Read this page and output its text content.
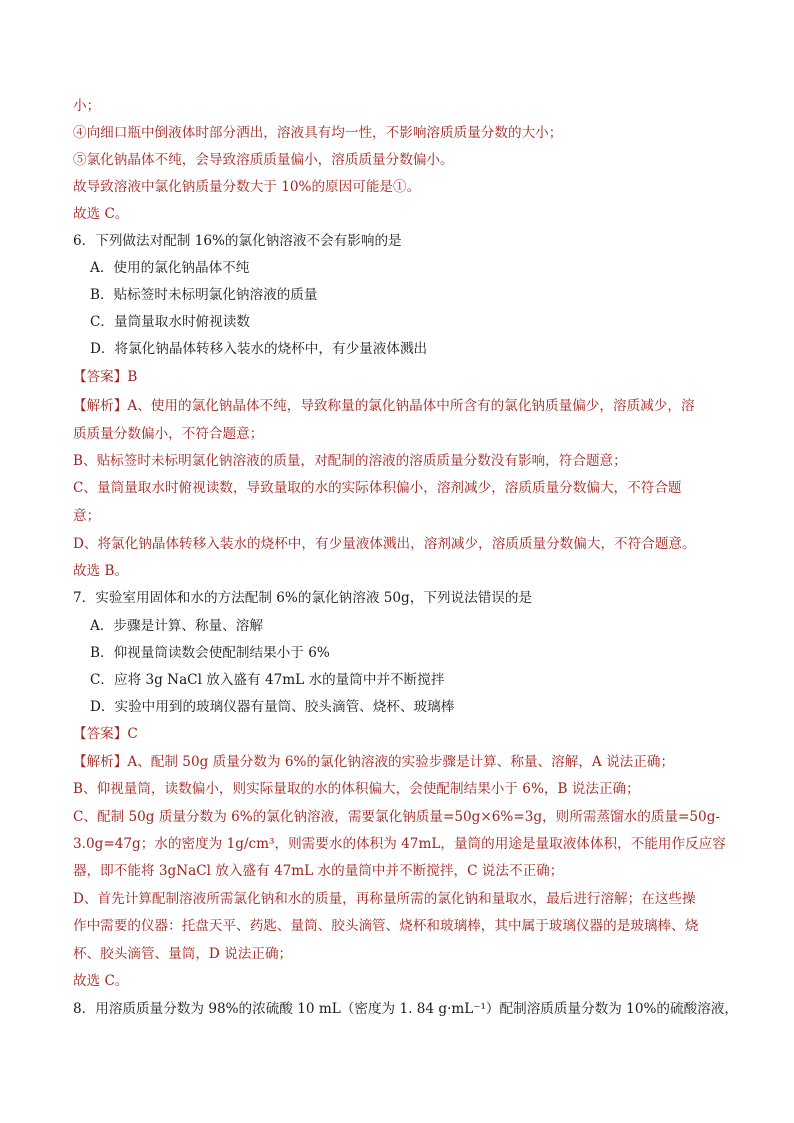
小；
④向细口瓶中倒液体时部分洒出，溶液具有均一性，不影响溶质质量分数的大小；
⑤氯化钠晶体不纯，会导致溶质质量偏小，溶质质量分数偏小。
故导致溶液中氯化钠质量分数大于 10%的原因可能是①。
故选 C。
6．下列做法对配制 16%的氯化钠溶液不会有影响的是
A．使用的氯化钠晶体不纯
B．贴标签时未标明氯化钠溶液的质量
C．量筒量取水时俯视读数
D．将氯化钠晶体转移入装水的烧杯中，有少量液体溅出
【答案】B
【解析】A、使用的氯化钠晶体不纯，导致称量的氯化钠晶体中所含有的氯化钠质量偏少，溶质减少，溶
质质量分数偏小，不符合题意；
B、贴标签时未标明氯化钠溶液的质量，对配制的溶液的溶质质量分数没有影响，符合题意；
C、量筒量取水时俯视读数，导致量取的水的实际体积偏小，溶剂减少，溶质质量分数偏大，不符合题
意；
D、将氯化钠晶体转移入装水的烧杯中，有少量液体溅出，溶剂减少，溶质质量分数偏大，不符合题意。
故选 B。
7．实验室用固体和水的方法配制 6%的氯化钠溶液 50g，下列说法错误的是
A．步骤是计算、称量、溶解
B．仰视量筒读数会使配制结果小于 6%
C．应将 3g NaCl 放入盛有 47mL 水的量筒中并不断搅拌
D．实验中用到的玻璃仪器有量筒、胶头滴管、烧杯、玻璃棒
【答案】C
【解析】A、配制 50g 质量分数为 6%的氯化钠溶液的实验步骤是计算、称量、溶解，A 说法正确；
B、仰视量筒，读数偏小，则实际量取的水的体积偏大，会使配制结果小于 6%，B 说法正确；
C、配制 50g 质量分数为 6%的氯化钠溶液，需要氯化钠质量=50g×6%=3g，则所需蒸馏水的质量=50g-
3.0g=47g；水的密度为 1g/cm³，则需要水的体积为 47mL，量筒的用途是量取液体体积，不能用作反应容
器，即不能将 3gNaCl 放入盛有 47mL 水的量筒中并不断搅拌，C 说法不正确；
D、首先计算配制溶液所需氯化钠和水的质量，再称量所需的氯化钠和量取水，最后进行溶解；在这些操
作中需要的仪器：托盘天平、药匙、量筒、胶头滴管、烧杯和玻璃棒，其中属于玻璃仪器的是玻璃棒、烧
杯、胶头滴管、量筒，D 说法正确；
故选 C。
8．用溶质质量分数为 98%的浓硫酸 10 mL（密度为 1. 84 g·mL⁻¹）配制溶质质量分数为 10%的硫酸溶液，
